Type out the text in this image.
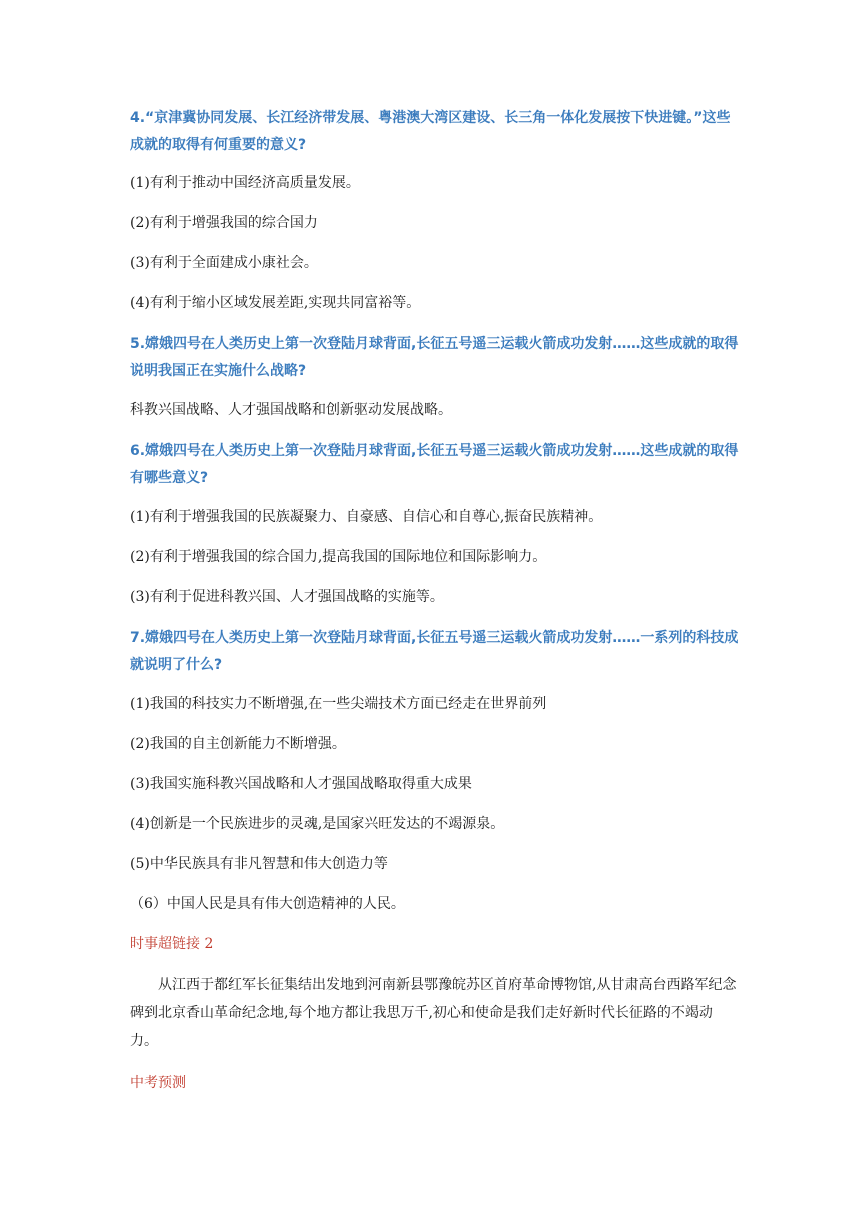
4.“京津冀协同发展、长江经济带发展、粤港澳大湾区建设、长三角一体化发展按下快进键。”这些成就的取得有何重要的意义?

(1)有利于推动中国经济高质量发展。

(2)有利于增强我国的综合国力

(3)有利于全面建成小康社会。

(4)有利于缩小区域发展差距,实现共同富裕等。

5.嫦娥四号在人类历史上第一次登陆月球背面,长征五号遥三运载火箭成功发射……这些成就的取得说明我国正在实施什么战略?

科教兴国战略、人才强国战略和创新驱动发展战略。

6.嫦娥四号在人类历史上第一次登陆月球背面,长征五号遥三运载火箭成功发射……这些成就的取得有哪些意义?

(1)有利于增强我国的民族凝聚力、自豪感、自信心和自尊心,振奋民族精神。

(2)有利于增强我国的综合国力,提高我国的国际地位和国际影响力。

(3)有利于促进科教兴国、人才强国战略的实施等。

7.嫦娥四号在人类历史上第一次登陆月球背面,长征五号遥三运载火箭成功发射……一系列的科技成就说明了什么?

(1)我国的科技实力不断增强,在一些尖端技术方面已经走在世界前列

(2)我国的自主创新能力不断增强。

(3)我国实施科教兴国战略和人才强国战略取得重大成果

(4)创新是一个民族进步的灵魂,是国家兴旺发达的不竭源泉。

(5)中华民族具有非凡智慧和伟大创造力等

（6）中国人民是具有伟大创造精神的人民。

时事超链接 2

从江西于都红军长征集结出发地到河南新县鄂豫皖苏区首府革命博物馆,从甘肃高台西路军纪念碑到北京香山革命纪念地,每个地方都让我思万千,初心和使命是我们走好新时代长征路的不竭动力。

中考预测
